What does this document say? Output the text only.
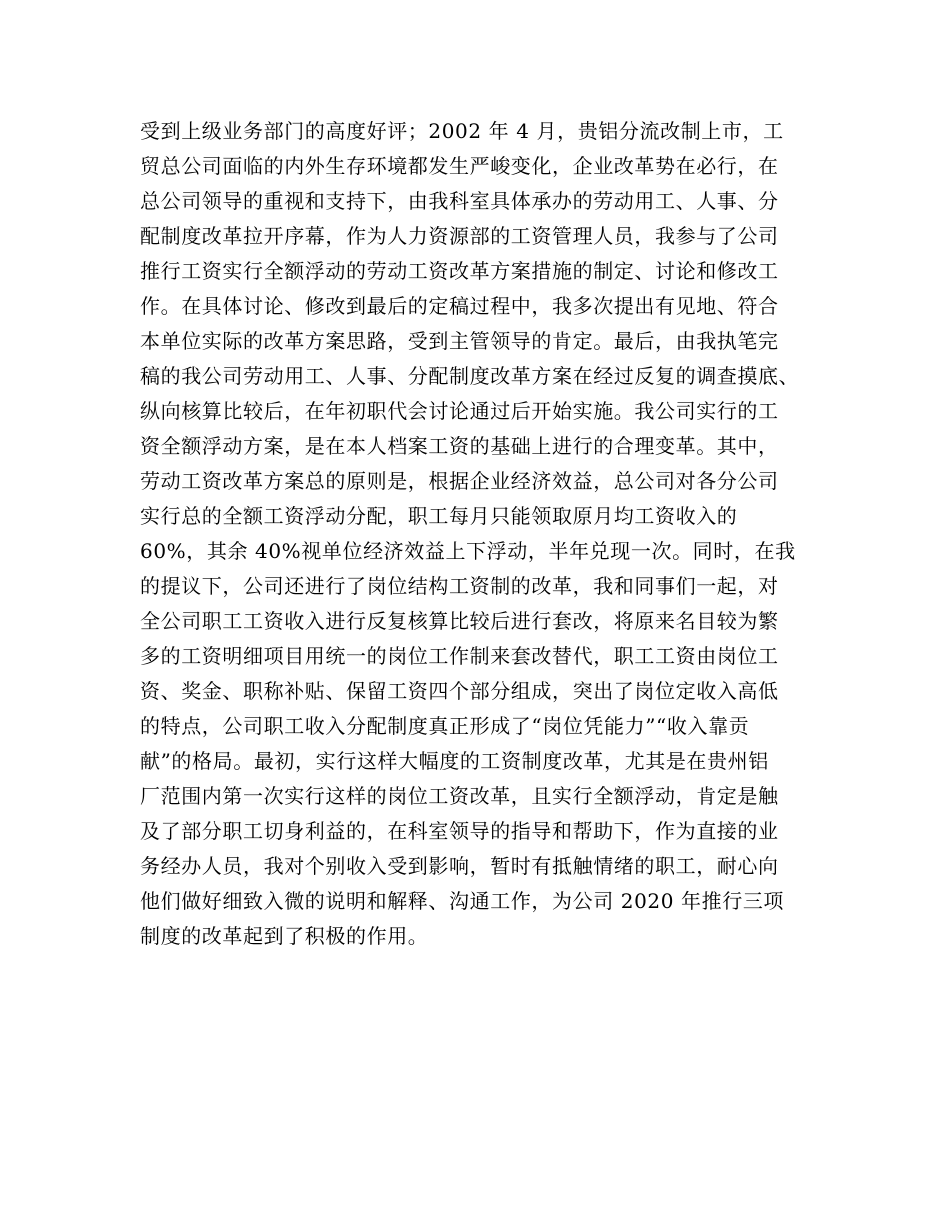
受到上级业务部门的高度好评；2002 年 4 月，贵铝分流改制上市，工
贸总公司面临的内外生存环境都发生严峻变化，企业改革势在必行，在
总公司领导的重视和支持下，由我科室具体承办的劳动用工、人事、分
配制度改革拉开序幕，作为人力资源部的工资管理人员，我参与了公司
推行工资实行全额浮动的劳动工资改革方案措施的制定、讨论和修改工
作。在具体讨论、修改到最后的定稿过程中，我多次提出有见地、符合
本单位实际的改革方案思路，受到主管领导的肯定。最后，由我执笔完
稿的我公司劳动用工、人事、分配制度改革方案在经过反复的调查摸底、
纵向核算比较后，在年初职代会讨论通过后开始实施。我公司实行的工
资全额浮动方案，是在本人档案工资的基础上进行的合理变革。其中，
劳动工资改革方案总的原则是，根据企业经济效益，总公司对各分公司
实行总的全额工资浮动分配，职工每月只能领取原月均工资收入的
60%，其余 40%视单位经济效益上下浮动，半年兑现一次。同时，在我
的提议下，公司还进行了岗位结构工资制的改革，我和同事们一起，对
全公司职工工资收入进行反复核算比较后进行套改，将原来名目较为繁
多的工资明细项目用统一的岗位工作制来套改替代，职工工资由岗位工
资、奖金、职称补贴、保留工资四个部分组成，突出了岗位定收入高低
的特点，公司职工收入分配制度真正形成了“岗位凭能力”“收入靠贡
献”的格局。最初，实行这样大幅度的工资制度改革，尤其是在贵州铝
厂范围内第一次实行这样的岗位工资改革，且实行全额浮动，肯定是触
及了部分职工切身利益的，在科室领导的指导和帮助下，作为直接的业
务经办人员，我对个别收入受到影响，暂时有抵触情绪的职工，耐心向
他们做好细致入微的说明和解释、沟通工作，为公司 2020 年推行三项
制度的改革起到了积极的作用。
